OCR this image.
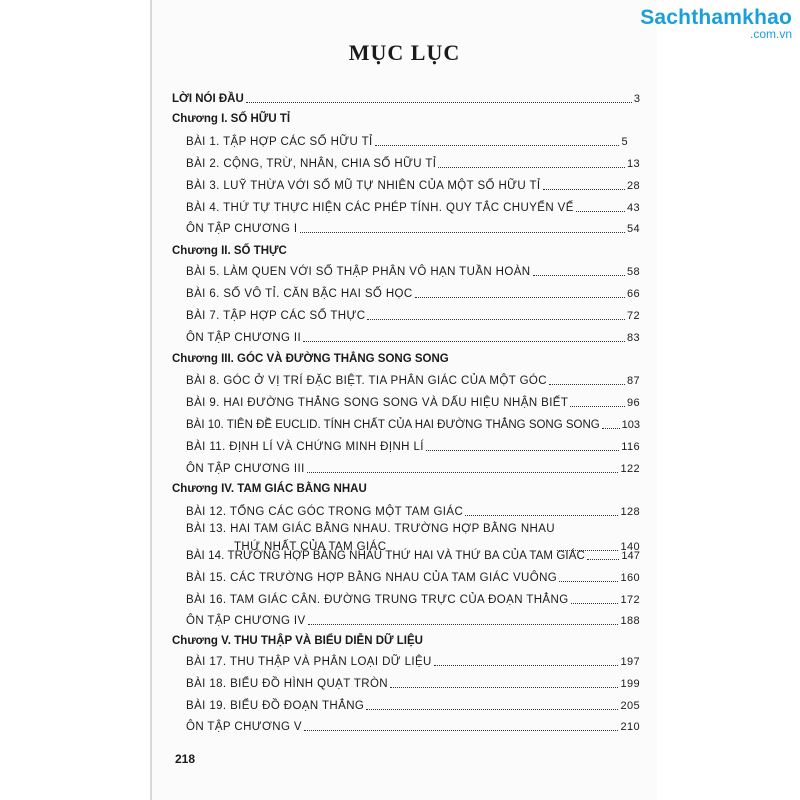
Sachthamkhao
.com.vn
MỤC LỤC
LỜI NÓI ĐẦU	3
Chương I. SỐ HỮU TỈ
BÀI 1. TẬP HỢP CÁC SỐ HỮU TỈ	5
BÀI 2. CỘNG, TRỪ, NHÂN, CHIA SỐ HỮU TỈ	13
BÀI 3. LUỸ THỪA VỚI SỐ MŨ TỰ NHIÊN CỦA MỘT SỐ HỮU TỈ	28
BÀI 4. THỨ TỰ THỰC HIỆN CÁC PHÉP TÍNH. QUY TẮC CHUYỂN VẾ	43
ÔN TẬP CHƯƠNG I	54
Chương II. SỐ THỰC
BÀI 5. LÀM QUEN VỚI SỐ THẬP PHÂN VÔ HẠN TUẦN HOÀN	58
BÀI 6. SỐ VÔ TỈ. CĂN BẬC HAI SỐ HỌC	66
BÀI 7. TẬP HỢP CÁC SỐ THỰC	72
ÔN TẬP CHƯƠNG II	83
Chương III. GÓC VÀ ĐƯỜNG THẲNG SONG SONG
BÀI 8. GÓC Ở VỊ TRÍ ĐẶC BIỆT. TIA PHÂN GIÁC CỦA MỘT GÓC	87
BÀI 9. HAI ĐƯỜNG THẲNG SONG SONG VÀ DẤU HIỆU NHẬN BIẾT	96
BÀI 10. TIÊN ĐỀ EUCLID. TÍNH CHẤT CỦA HAI ĐƯỜNG THẲNG SONG SONG 103
BÀI 11. ĐỊNH LÍ VÀ CHỨNG MINH ĐỊNH LÍ	116
ÔN TẬP CHƯƠNG III	122
Chương IV. TAM GIÁC BẰNG NHAU
BÀI 12. TỔNG CÁC GÓC TRONG MỘT TAM GIÁC	128
BÀI 13. HAI TAM GIÁC BẰNG NHAU. TRƯỜNG HỢP BẰNG NHAU
THỨ NHẤT CỦA TAM GIÁC	140
BÀI 14. TRƯỜNG HỢP BẰNG NHAU THỨ HAI VÀ THỨ BA CỦA TAM GIÁC	147
BÀI 15. CÁC TRƯỜNG HỢP BẰNG NHAU CỦA TAM GIÁC VUÔNG	160
BÀI 16. TAM GIÁC CÂN. ĐƯỜNG TRUNG TRỰC CỦA ĐOẠN THẲNG	172
ÔN TẬP CHƯƠNG IV	188
Chương V. THU THẬP VÀ BIỂU DIỄN DỮ LIỆU
BÀI 17. THU THẬP VÀ PHÂN LOẠI DỮ LIỆU	197
BÀI 18. BIỂU ĐỒ HÌNH QUẠT TRÒN	199
BÀI 19. BIỂU ĐỒ ĐOẠN THẲNG	205
ÔN TẬP CHƯƠNG V	210
218
